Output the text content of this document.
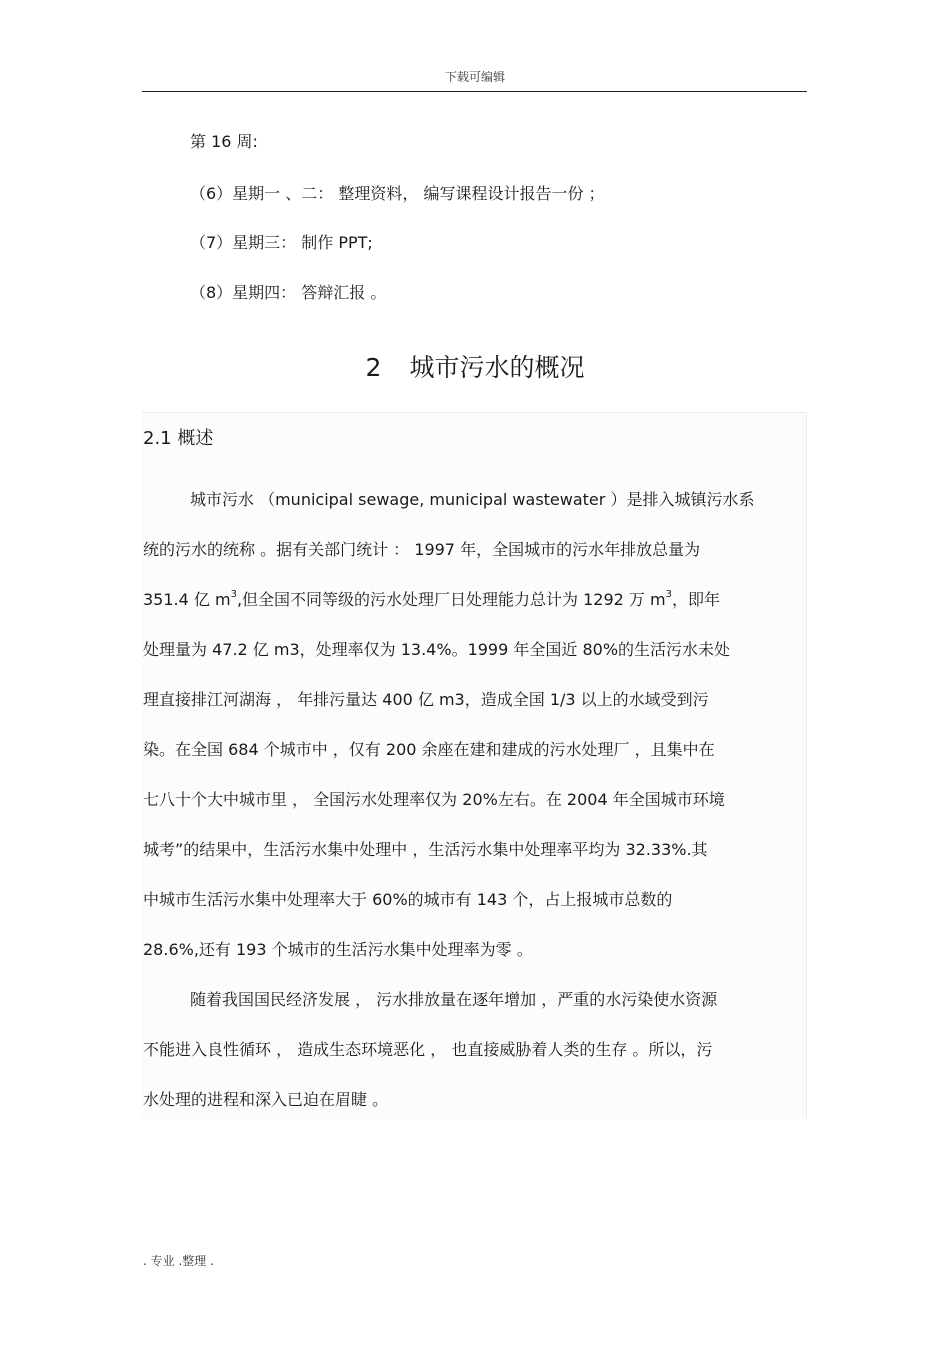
下载可编辑
第 16 周:
（6）星期一 、二： 整理资料， 编写课程设计报告一份 ；
（7）星期三： 制作 PPT;
（8）星期四： 答辩汇报 。
2 城市污水的概况
2.1 概述
城市污水 （municipal sewage, municipal wastewater ）是排入城镇污水系
统的污水的统称 。据有关部门统计 ： 1997 年，全国城市的污水年排放总量为
351.4 亿 $m^3$,但全国不同等级的污水处理厂日处理能力总计为 1292 万 $m^3$，即年
处理量为 47.2 亿 m3，处理率仅为 13.4%。1999 年全国近 80%的生活污水未处
理直接排江河湖海 ， 年排污量达 400 亿 m3，造成全国 1/3 以上的水域受到污
染。在全国 684 个城市中 ，仅有 200 余座在建和建成的污水处理厂 ，且集中在
七八十个大中城市里 ， 全国污水处理率仅为 20%左右。在 2004 年全国城市环境
城考”的结果中，生活污水集中处理中 ，生活污水集中处理率平均为 32.33%.其
中城市生活污水集中处理率大于 60%的城市有 143 个，占上报城市总数的
28.6%,还有 193 个城市的生活污水集中处理率为零 。
随着我国国民经济发展 ， 污水排放量在逐年增加 ，严重的水污染使水资源
不能进入良性循环 ， 造成生态环境恶化 ， 也直接威胁着人类的生存 。所以，污
水处理的进程和深入已迫在眉睫 。
. 专业 .整理 .
